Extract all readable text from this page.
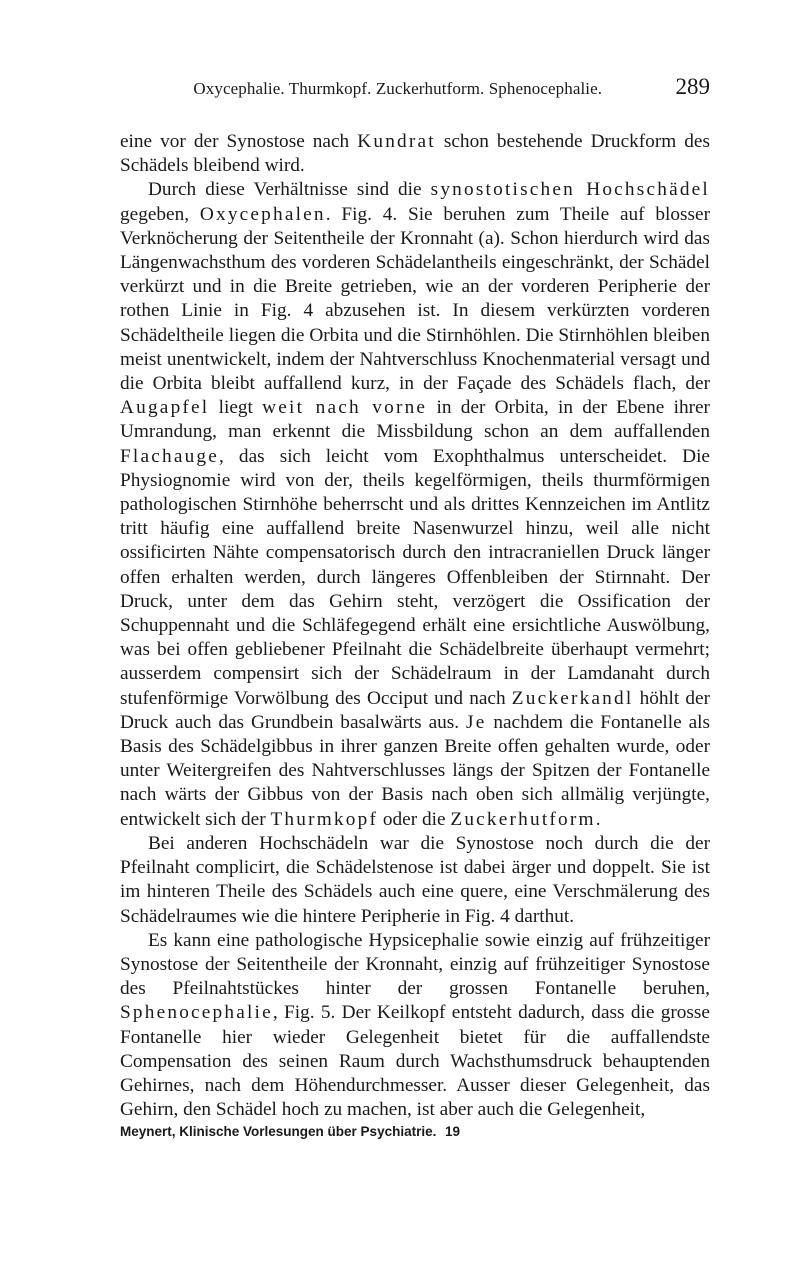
Oxycephalie. Thurmkopf. Zuckerhutform. Sphenocephalie.	289

eine vor der Synostose nach Kundrat schon bestehende Druckform des Schädels bleibend wird.

Durch diese Verhältnisse sind die synostotischen Hochschädel gegeben, Oxycephalen. Fig. 4. Sie beruhen zum Theile auf blosser Verknöcherung der Seitentheile der Kronnaht (a). Schon hierdurch wird das Längenwachsthum des vorderen Schädelantheils eingeschränkt, der Schädel verkürzt und in die Breite getrieben, wie an der vorderen Peripherie der rothen Linie in Fig. 4 abzusehen ist. In diesem verkürzten vorderen Schädeltheile liegen die Orbita und die Stirnhöhlen. Die Stirnhöhlen bleiben meist unentwickelt, indem der Nahtverschluss Knochenmaterial versagt und die Orbita bleibt auffallend kurz, in der Façade des Schädels flach, der Augapfel liegt weit nach vorne in der Orbita, in der Ebene ihrer Umrandung, man erkennt die Missbildung schon an dem auffallenden Flachauge, das sich leicht vom Exophthalmus unterscheidet. Die Physiognomie wird von der, theils kegelförmigen, theils thurmförmigen pathologischen Stirnhöhe beherrscht und als drittes Kennzeichen im Antlitz tritt häufig eine auffallend breite Nasenwurzel hinzu, weil alle nicht ossificirten Nähte compensatorisch durch den intracraniellen Druck länger offen erhalten werden, durch längeres Offenbleiben der Stirnnaht. Der Druck, unter dem das Gehirn steht, verzögert die Ossification der Schuppennaht und die Schläfegegend erhält eine ersichtliche Auswölbung, was bei offen gebliebener Pfeilnaht die Schädelbreite überhaupt vermehrt; ausserdem compensirt sich der Schädelraum in der Lamdanaht durch stufenförmige Vorwölbung des Occiput und nach Zuckerkandl höhlt der Druck auch das Grundbein basalwärts aus. Je nachdem die Fontanelle als Basis des Schädelgibbus in ihrer ganzen Breite offen gehalten wurde, oder unter Weitergreifen des Nahtverschlusses längs der Spitzen der Fontanelle nach wärts der Gibbus von der Basis nach oben sich allmälig verjüngte, entwickelt sich der Thurmkopf oder die Zuckerhutform.

Bei anderen Hochschädeln war die Synostose noch durch die der Pfeilnaht complicirt, die Schädelstenose ist dabei ärger und doppelt. Sie ist im hinteren Theile des Schädels auch eine quere, eine Verschmälerung des Schädelraumes wie die hintere Peripherie in Fig. 4 darthut.

Es kann eine pathologische Hypsicephalie sowie einzig auf frühzeitiger Synostose der Seitentheile der Kronnaht, einzig auf frühzeitiger Synostose des Pfeilnahtstückes hinter der grossen Fontanelle beruhen, Sphenocephalie, Fig. 5. Der Keilkopf entsteht dadurch, dass die grosse Fontanelle hier wieder Gelegenheit bietet für die auffallendste Compensation des seinen Raum durch Wachsthumsdruck behauptenden Gehirnes, nach dem Höhendurchmesser. Ausser dieser Gelegenheit, das Gehirn, den Schädel hoch zu machen, ist aber auch die Gelegenheit,

Meynert, Klinische Vorlesungen über Psychiatrie. 19
